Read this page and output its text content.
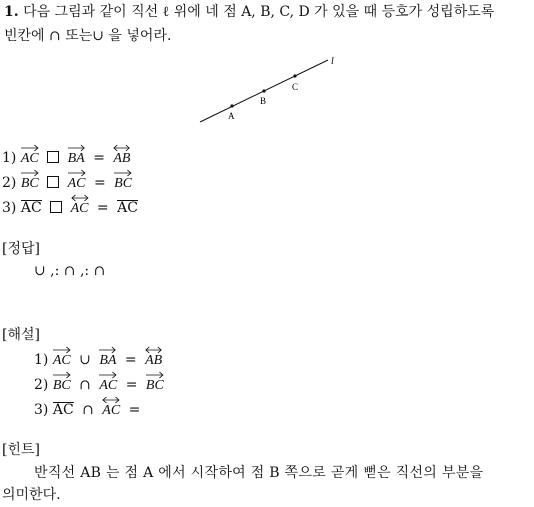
1. 다음 그림과 같이 직선 ℓ 위에 네 점 A, B, C, D 가 있을 때 등호가 성립하도록
빈칸에 ∩ 또는∪ 을 넣어라.
l
A
B
C
1) AC BA = AB
2) BC AC = BC
3) AC AC = AC
[정답]
∪ ,: ∩ ,: ∩
[해설]
1) AC ∪ BA = AB
2) BC ∩ AC = BC
3) AC ∩ AC =
[힌트]
반직선 AB 는 점 A 에서 시작하여 점 B 쪽으로 곧게 뻗은 직선의 부분을
의미한다.
